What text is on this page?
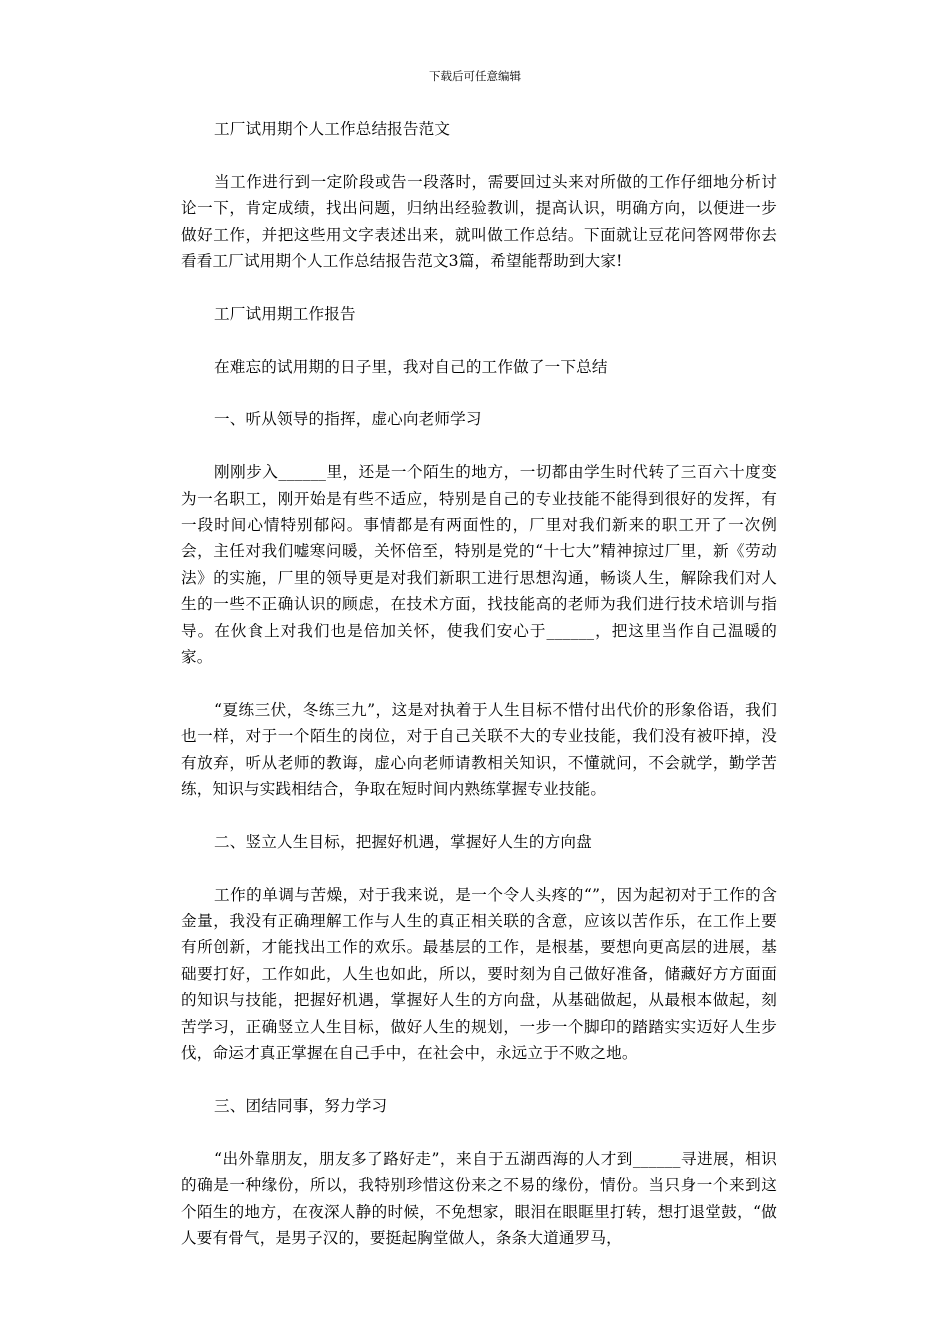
下载后可任意编辑

工厂试用期个人工作总结报告范文

当工作进行到一定阶段或告一段落时，需要回过头来对所做的工作仔细地分析讨论一下，肯定成绩，找出问题，归纳出经验教训，提高认识，明确方向，以便进一步做好工作，并把这些用文字表述出来，就叫做工作总结。下面就让豆花问答网带你去看看工厂试用期个人工作总结报告范文3篇，希望能帮助到大家!

工厂试用期工作报告

在难忘的试用期的日子里，我对自己的工作做了一下总结

一、听从领导的指挥，虚心向老师学习

刚刚步入______里，还是一个陌生的地方，一切都由学生时代转了三百六十度变为一名职工，刚开始是有些不适应，特别是自己的专业技能不能得到很好的发挥，有一段时间心情特别郁闷。事情都是有两面性的，厂里对我们新来的职工开了一次例会，主任对我们嘘寒问暖，关怀倍至，特别是党的“十七大”精神掠过厂里，新《劳动法》的实施，厂里的领导更是对我们新职工进行思想沟通，畅谈人生，解除我们对人生的一些不正确认识的顾虑，在技术方面，找技能高的老师为我们进行技术培训与指导。在伙食上对我们也是倍加关怀，使我们安心于______，把这里当作自己温暖的家。

“夏练三伏，冬练三九”，这是对执着于人生目标不惜付出代价的形象俗语，我们也一样，对于一个陌生的岗位，对于自己关联不大的专业技能，我们没有被吓掉，没有放弃，听从老师的教诲，虚心向老师请教相关知识，不懂就问，不会就学，勤学苦练，知识与实践相结合，争取在短时间内熟练掌握专业技能。

二、竖立人生目标，把握好机遇，掌握好人生的方向盘

工作的单调与苦燥，对于我来说，是一个令人头疼的“”，因为起初对于工作的含金量，我没有正确理解工作与人生的真正相关联的含意，应该以苦作乐，在工作上要有所创新，才能找出工作的欢乐。最基层的工作，是根基，要想向更高层的进展，基础要打好，工作如此，人生也如此，所以，要时刻为自己做好准备，储藏好方方面面的知识与技能，把握好机遇，掌握好人生的方向盘，从基础做起，从最根本做起，刻苦学习，正确竖立人生目标，做好人生的规划，一步一个脚印的踏踏实实迈好人生步伐，命运才真正掌握在自己手中，在社会中，永远立于不败之地。

三、团结同事，努力学习

“出外靠朋友，朋友多了路好走”，来自于五湖西海的人才到______寻进展，相识的确是一种缘份，所以，我特别珍惜这份来之不易的缘份，情份。当只身一个来到这个陌生的地方，在夜深人静的时候，不免想家，眼泪在眼眶里打转，想打退堂鼓，“做人要有骨气，是男子汉的，要挺起胸堂做人，条条大道通罗马，
